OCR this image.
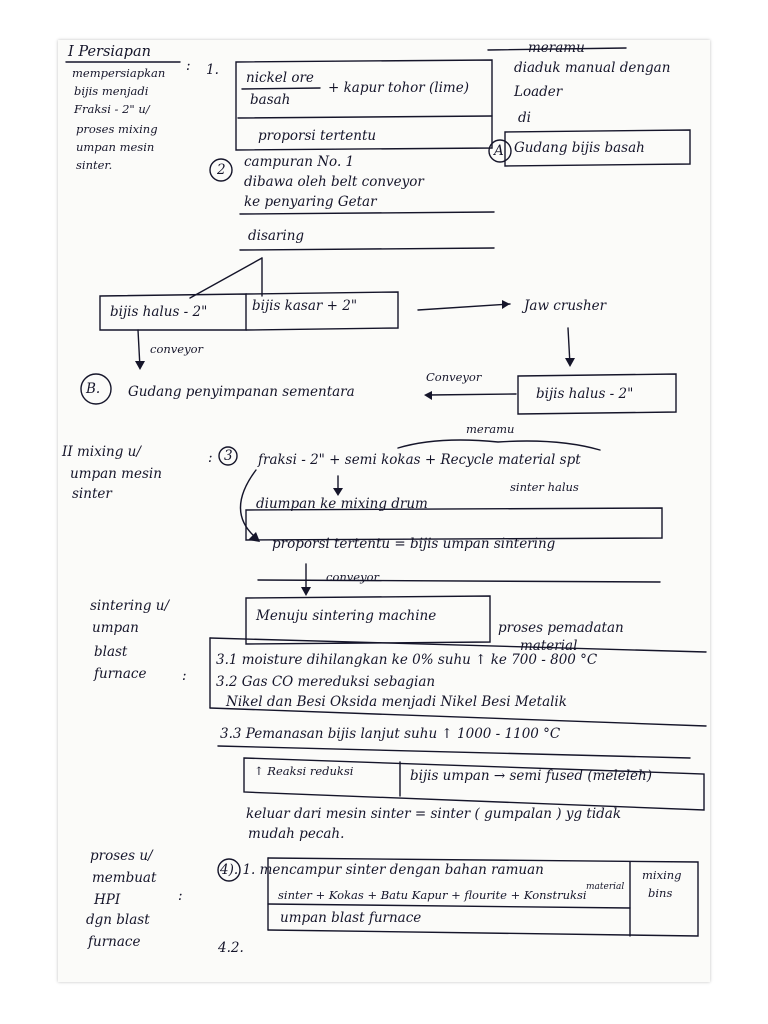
I Persiapan
mempersiapkan
bijis menjadi
Fraksi - 2" u/
proses mixing
umpan mesin
sinter.
: 1. nickel ore
basah
+ kapur tohor (lime)
proporsi tertentu
meramu
diaduk manual dengan
Loader
di
A Gudang bijis basah
2 campuran No. 1
dibawa oleh belt conveyor
ke penyaring Getar
disaring
bijis halus - 2"	bijis kasar + 2"	Jaw crusher
conveyor
B. Gudang penyimpanan sementara
Conveyor
bijis halus - 2"
meramu
II mixing u/
umpan mesin
sinter
: 3 fraksi - 2" + semi kokas + Recycle material spt
sinter halus
diumpan ke mixing drum
proporsi tertentu = bijis umpan sintering
conveyor
sintering u/
umpan
blast
furnace	:
Menuju sintering machine
proses pemadatan
material
3.1 moisture dihilangkan ke 0% suhu ↑ ke 700 - 800 °C
3.2 Gas CO mereduksi sebagian
Nikel dan Besi Oksida menjadi Nikel Besi Metalik
3.3 Pemanasan bijis lanjut suhu ↑ 1000 - 1100 °C
↑ Reaksi reduksi	bijis umpan → semi fused (meleleh)
keluar dari mesin sinter = sinter ( gumpalan ) yg tidak
mudah pecah.
proses u/
membuat
HPI
dgn blast
furnace
:
4). 1. mencampur sinter dengan bahan ramuan	mixing
bins
material
sinter + Kokas + Batu Kapur + flourite + Konstruksi
umpan blast furnace
4.2.
